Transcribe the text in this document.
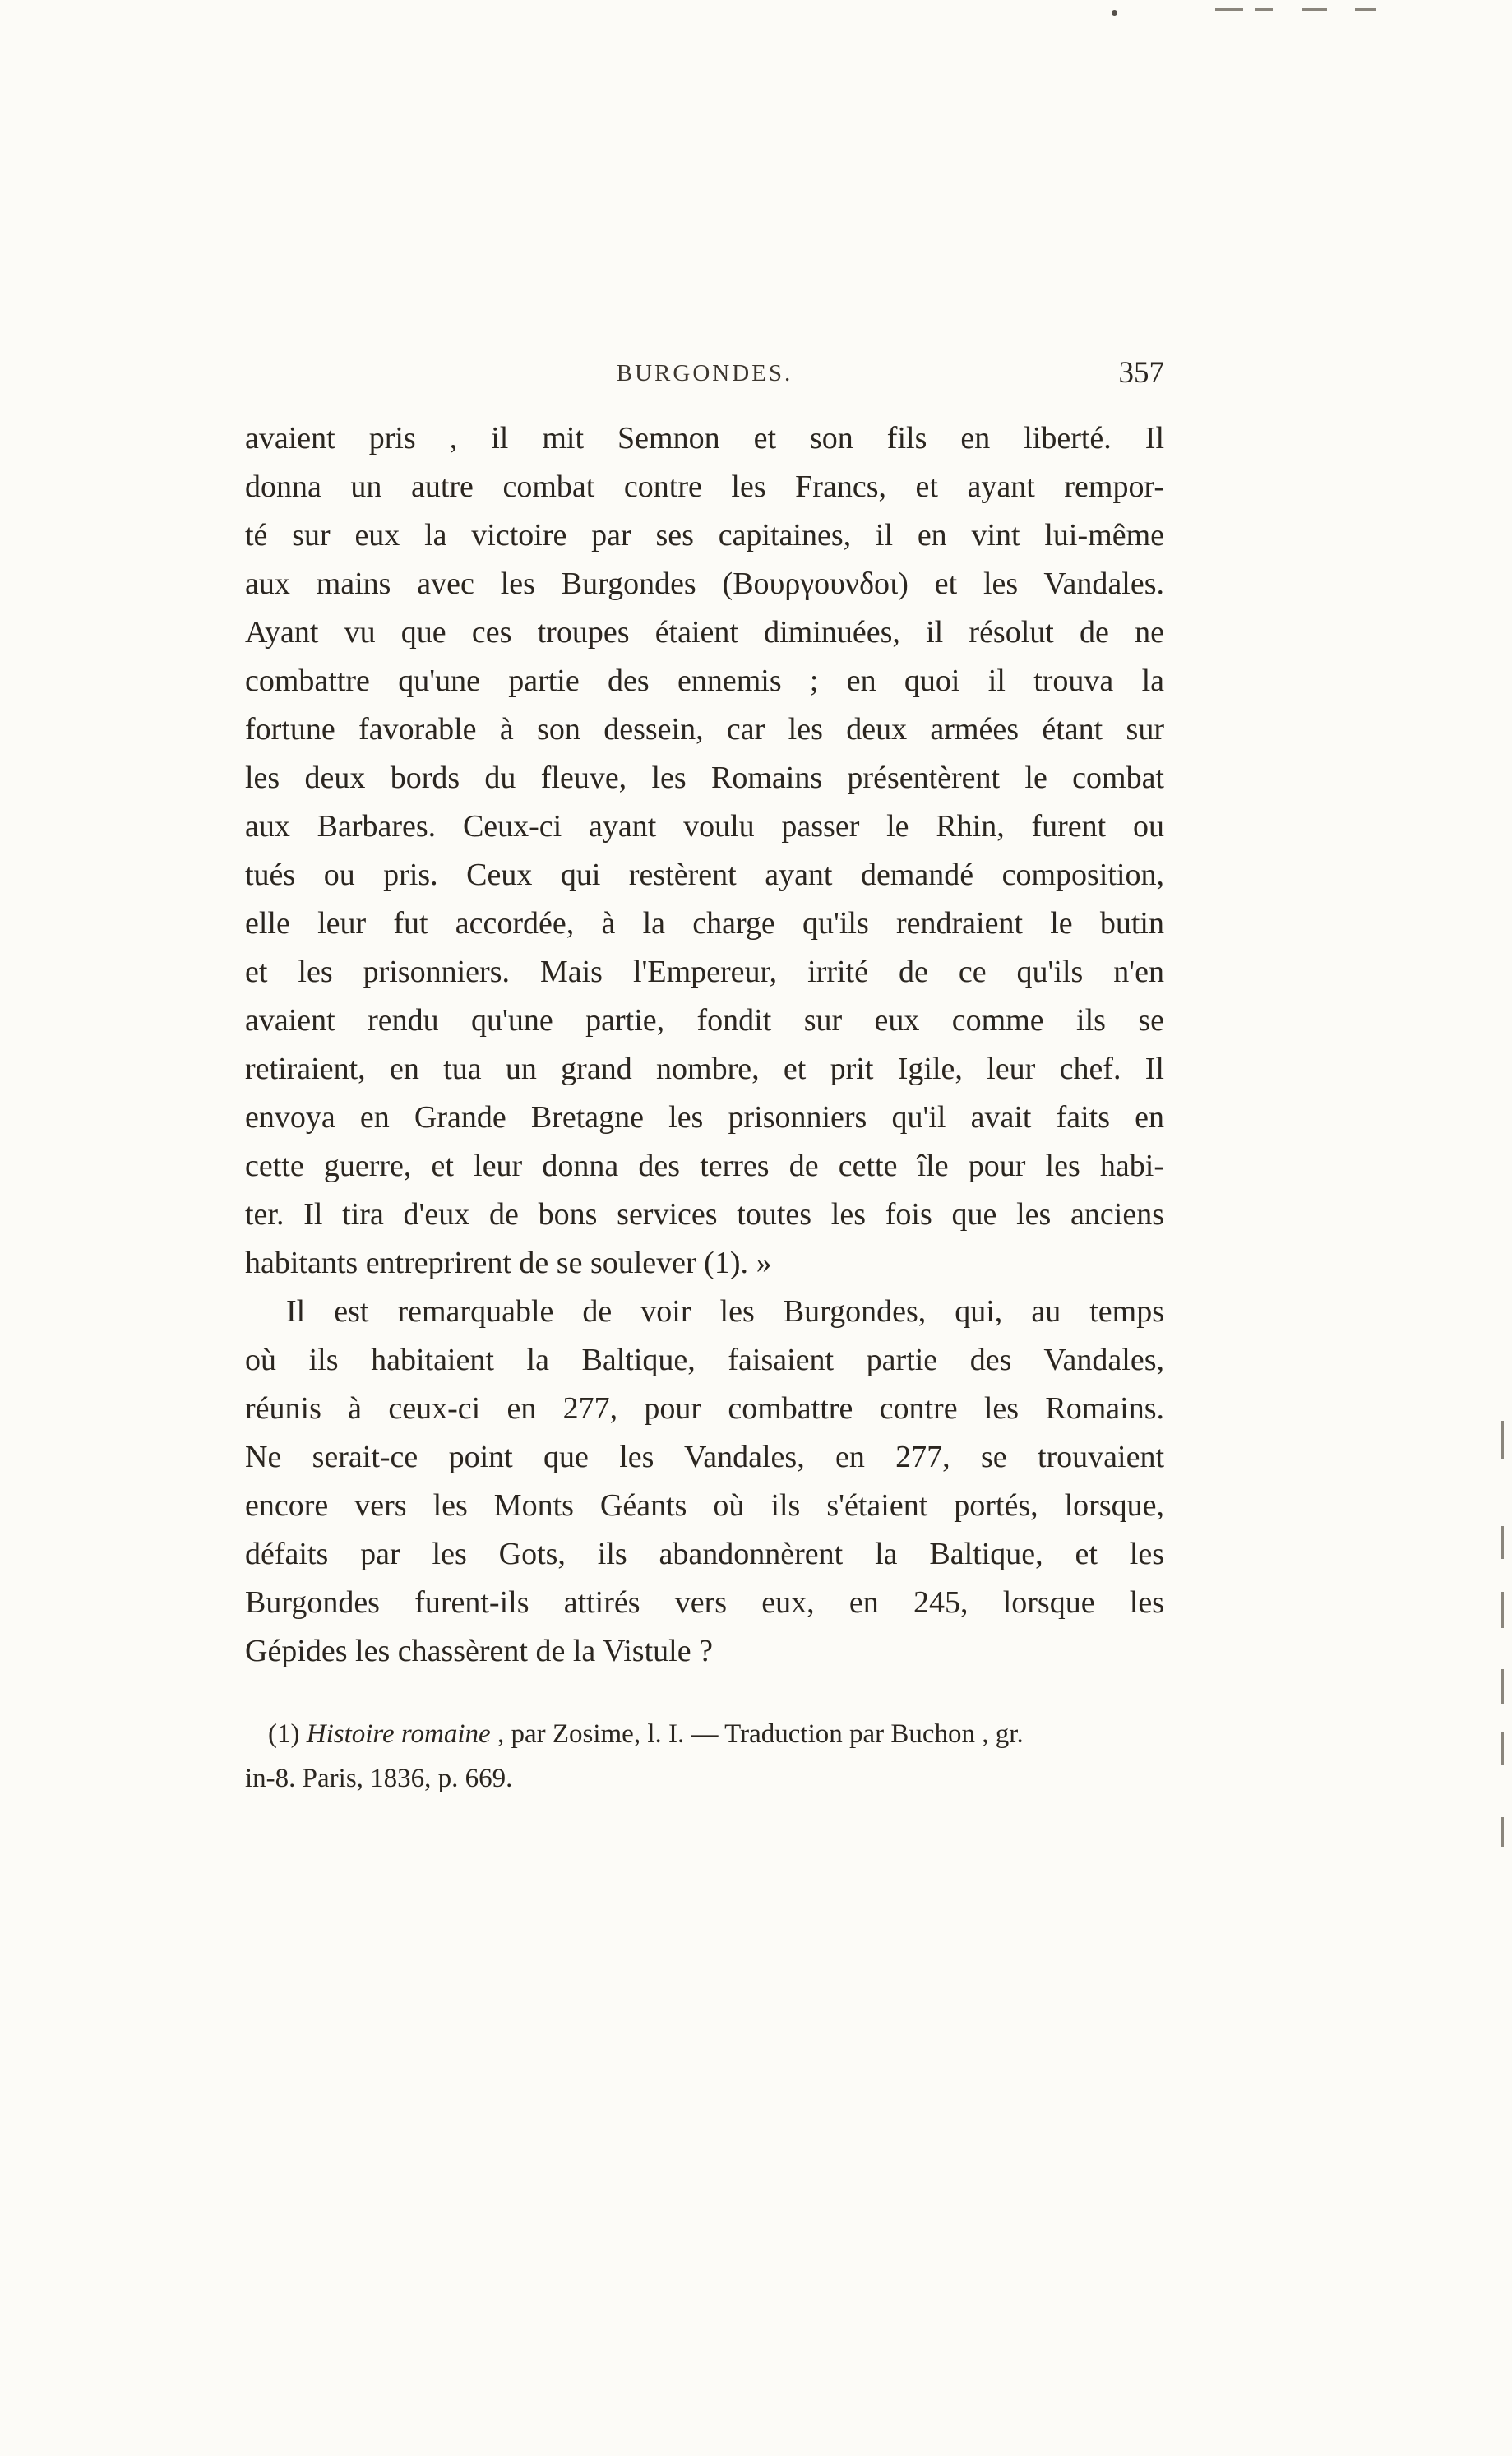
BURGONDES.	357
avaient pris , il mit Semnon et son fils en liberté. Il
donna un autre combat contre les Francs, et ayant rempor-
té sur eux la victoire par ses capitaines, il en vint lui-même
aux mains avec les Burgondes (Βουργουνδοι) et les Vandales.
Ayant vu que ces troupes étaient diminuées, il résolut de ne
combattre qu'une partie des ennemis ; en quoi il trouva la
fortune favorable à son dessein, car les deux armées étant sur
les deux bords du fleuve, les Romains présentèrent le combat
aux Barbares. Ceux-ci ayant voulu passer le Rhin, furent ou
tués ou pris. Ceux qui restèrent ayant demandé composition,
elle leur fut accordée, à la charge qu'ils rendraient le butin
et les prisonniers. Mais l'Empereur, irrité de ce qu'ils n'en
avaient rendu qu'une partie, fondit sur eux comme ils se
retiraient, en tua un grand nombre, et prit Igile, leur chef. Il
envoya en Grande Bretagne les prisonniers qu'il avait faits en
cette guerre, et leur donna des terres de cette île pour les habi-
ter. Il tira d'eux de bons services toutes les fois que les anciens
habitants entreprirent de se soulever (1). »
Il est remarquable de voir les Burgondes, qui, au temps
où ils habitaient la Baltique, faisaient partie des Vandales,
réunis à ceux-ci en 277, pour combattre contre les Romains.
Ne serait-ce point que les Vandales, en 277, se trouvaient
encore vers les Monts Géants où ils s'étaient portés, lorsque,
défaits par les Gots, ils abandonnèrent la Baltique, et les
Burgondes furent-ils attirés vers eux, en 245, lorsque les
Gépides les chassèrent de la Vistule ?
(1) Histoire romaine , par Zosime, l. I. — Traduction par Buchon , gr.
in-8. Paris, 1836, p. 669.
